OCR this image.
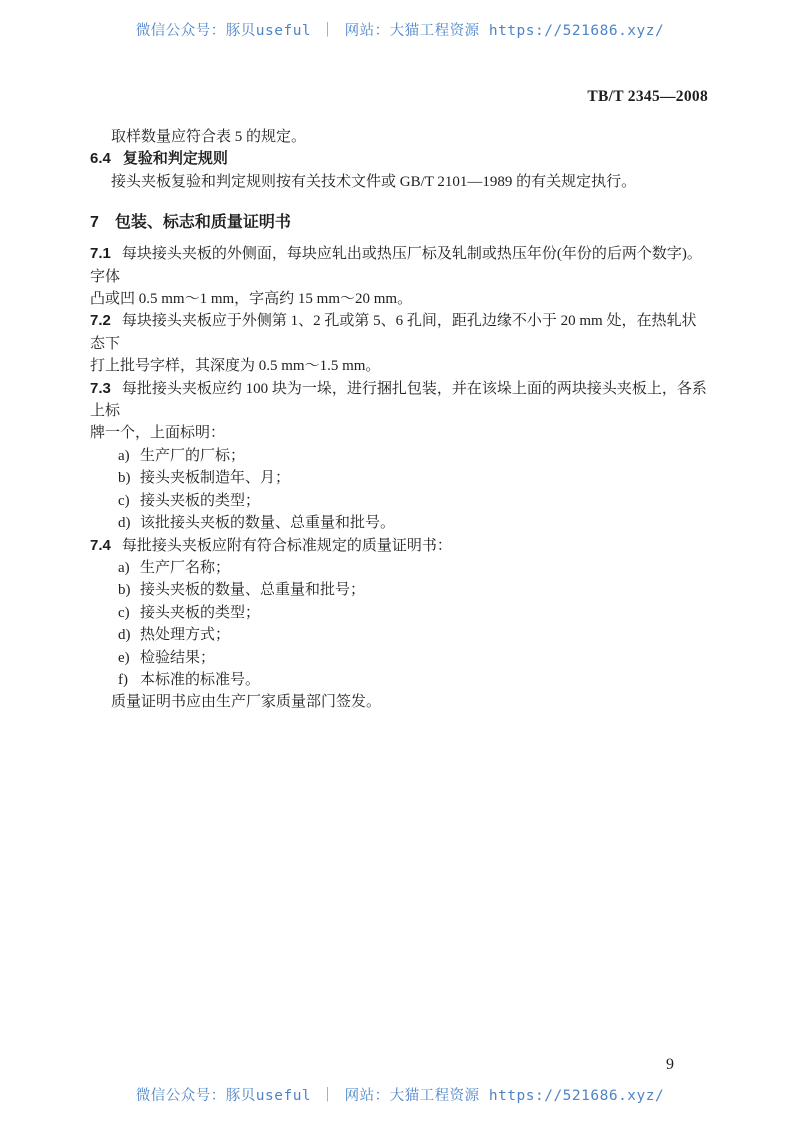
微信公众号：豚贝useful ｜ 网站：大猫工程资源 https://521686.xyz/
TB/T 2345—2008
取样数量应符合表 5 的规定。
6.4 复验和判定规则
接头夹板复验和判定规则按有关技术文件或 GB/T 2101—1989 的有关规定执行。
7 包装、标志和质量证明书
7.1 每块接头夹板的外侧面，每块应轧出或热压厂标及轧制或热压年份(年份的后两个数字)。字体
凸或凹 0.5 mm～1 mm，字高约 15 mm～20 mm。
7.2 每块接头夹板应于外侧第 1、2 孔或第 5、6 孔间，距孔边缘不小于 20 mm 处，在热轧状态下
打上批号字样，其深度为 0.5 mm～1.5 mm。
7.3 每批接头夹板应约 100 块为一垛，进行捆扎包装，并在该垛上面的两块接头夹板上，各系上标
牌一个，上面标明：
a) 生产厂的厂标；
b) 接头夹板制造年、月；
c) 接头夹板的类型；
d) 该批接头夹板的数量、总重量和批号。
7.4 每批接头夹板应附有符合标准规定的质量证明书：
a) 生产厂名称；
b) 接头夹板的数量、总重量和批号；
c) 接头夹板的类型；
d) 热处理方式；
e) 检验结果；
f) 本标准的标准号。
质量证明书应由生产厂家质量部门签发。
9
微信公众号：豚贝useful ｜ 网站：大猫工程资源 https://521686.xyz/
